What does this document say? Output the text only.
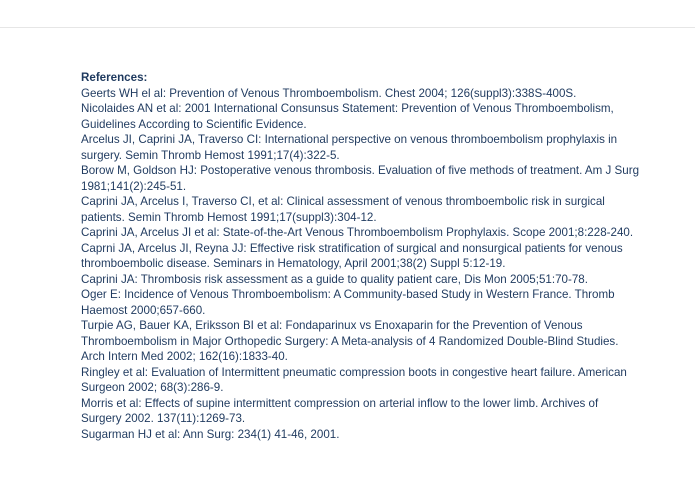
References:

Geerts WH el al: Prevention of Venous Thromboembolism. Chest 2004; 126(suppl3):338S-400S.

Nicolaides AN et al: 2001 International Consunsus Statement: Prevention of Venous Thromboembolism, Guidelines According to Scientific Evidence.

Arcelus JI, Caprini JA, Traverso CI: International perspective on venous thromboembolism prophylaxis in surgery. Semin Thromb Hemost 1991;17(4):322-5.

Borow M, Goldson HJ: Postoperative venous thrombosis. Evaluation of five methods of treatment. Am J Surg 1981;141(2):245-51.

Caprini JA, Arcelus I, Traverso CI, et al: Clinical assessment of venous thromboembolic risk in surgical patients. Semin Thromb Hemost 1991;17(suppl3):304-12.

Caprini JA, Arcelus JI et al: State-of-the-Art Venous Thromboembolism Prophylaxis. Scope 2001;8:228-240.

Caprni JA, Arcelus JI, Reyna JJ: Effective risk stratification of surgical and nonsurgical patients for venous thromboembolic disease. Seminars in Hematology, April 2001;38(2) Suppl 5:12-19.

Caprini JA: Thrombosis risk assessment as a guide to quality patient care, Dis Mon 2005;51:70-78.

Oger E: Incidence of Venous Thromboembolism: A Community-based Study in Western France. Thromb Haemost 2000;657-660.

Turpie AG, Bauer KA, Eriksson BI et al: Fondaparinux vs Enoxaparin for the Prevention of Venous Thromboembolism in Major Orthopedic Surgery: A Meta-analysis of 4 Randomized Double-Blind Studies. Arch Intern Med 2002; 162(16):1833-40.

Ringley et al: Evaluation of Intermittent pneumatic compression boots in congestive heart failure. American Surgeon 2002; 68(3):286-9.

Morris et al: Effects of supine intermittent compression on arterial inflow to the lower limb. Archives of Surgery 2002. 137(11):1269-73.

Sugarman HJ et al: Ann Surg: 234(1) 41-46, 2001.
